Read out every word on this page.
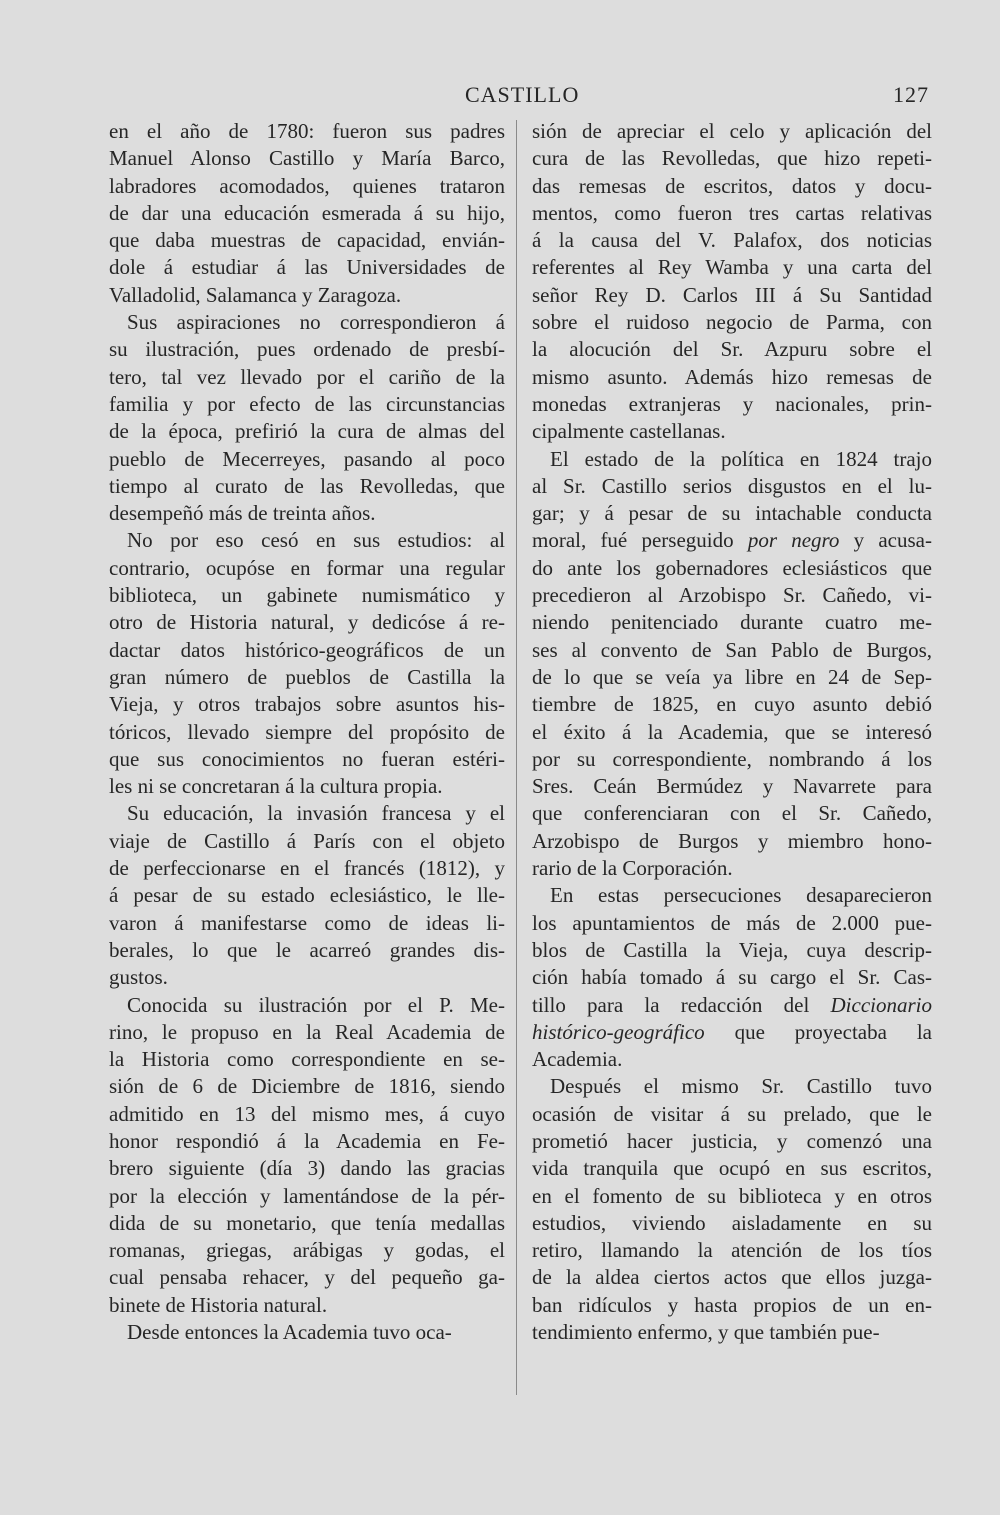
CASTILLO	127
en el año de 1780: fueron sus padres
Manuel Alonso Castillo y María Barco,
labradores acomodados, quienes trataron
de dar una educación esmerada á su hijo,
que daba muestras de capacidad, envián-
dole á estudiar á las Universidades de
Valladolid, Salamanca y Zaragoza.
Sus aspiraciones no correspondieron á
su ilustración, pues ordenado de presbí-
tero, tal vez llevado por el cariño de la
familia y por efecto de las circunstancias
de la época, prefirió la cura de almas del
pueblo de Mecerreyes, pasando al poco
tiempo al curato de las Revolledas, que
desempeñó más de treinta años.
No por eso cesó en sus estudios: al
contrario, ocupóse en formar una regular
biblioteca, un gabinete numismático y
otro de Historia natural, y dedicóse á re-
dactar datos histórico-geográficos de un
gran número de pueblos de Castilla la
Vieja, y otros trabajos sobre asuntos his-
tóricos, llevado siempre del propósito de
que sus conocimientos no fueran estéri-
les ni se concretaran á la cultura propia.
Su educación, la invasión francesa y el
viaje de Castillo á París con el objeto
de perfeccionarse en el francés (1812), y
á pesar de su estado eclesiástico, le lle-
varon á manifestarse como de ideas li-
berales, lo que le acarreó grandes dis-
gustos.
Conocida su ilustración por el P. Me-
rino, le propuso en la Real Academia de
la Historia como correspondiente en se-
sión de 6 de Diciembre de 1816, siendo
admitido en 13 del mismo mes, á cuyo
honor respondió á la Academia en Fe-
brero siguiente (día 3) dando las gracias
por la elección y lamentándose de la pér-
dida de su monetario, que tenía medallas
romanas, griegas, arábigas y godas, el
cual pensaba rehacer, y del pequeño ga-
binete de Historia natural.
Desde entonces la Academia tuvo oca-
sión de apreciar el celo y aplicación del
cura de las Revolledas, que hizo repeti-
das remesas de escritos, datos y docu-
mentos, como fueron tres cartas relativas
á la causa del V. Palafox, dos noticias
referentes al Rey Wamba y una carta del
señor Rey D. Carlos III á Su Santidad
sobre el ruidoso negocio de Parma, con
la alocución del Sr. Azpuru sobre el
mismo asunto. Además hizo remesas de
monedas extranjeras y nacionales, prin-
cipalmente castellanas.
El estado de la política en 1824 trajo
al Sr. Castillo serios disgustos en el lu-
gar; y á pesar de su intachable conducta
moral, fué perseguido por negro y acusa-
do ante los gobernadores eclesiásticos que
precedieron al Arzobispo Sr. Cañedo, vi-
niendo penitenciado durante cuatro me-
ses al convento de San Pablo de Burgos,
de lo que se veía ya libre en 24 de Sep-
tiembre de 1825, en cuyo asunto debió
el éxito á la Academia, que se interesó
por su correspondiente, nombrando á los
Sres. Ceán Bermúdez y Navarrete para
que conferenciaran con el Sr. Cañedo,
Arzobispo de Burgos y miembro hono-
rario de la Corporación.
En estas persecuciones desaparecieron
los apuntamientos de más de 2.000 pue-
blos de Castilla la Vieja, cuya descrip-
ción había tomado á su cargo el Sr. Cas-
tillo para la redacción del Diccionario
histórico-geográfico que proyectaba la
Academia.
Después el mismo Sr. Castillo tuvo
ocasión de visitar á su prelado, que le
prometió hacer justicia, y comenzó una
vida tranquila que ocupó en sus escritos,
en el fomento de su biblioteca y en otros
estudios, viviendo aisladamente en su
retiro, llamando la atención de los tíos
de la aldea ciertos actos que ellos juzga-
ban ridículos y hasta propios de un en-
tendimiento enfermo, y que también pue-
